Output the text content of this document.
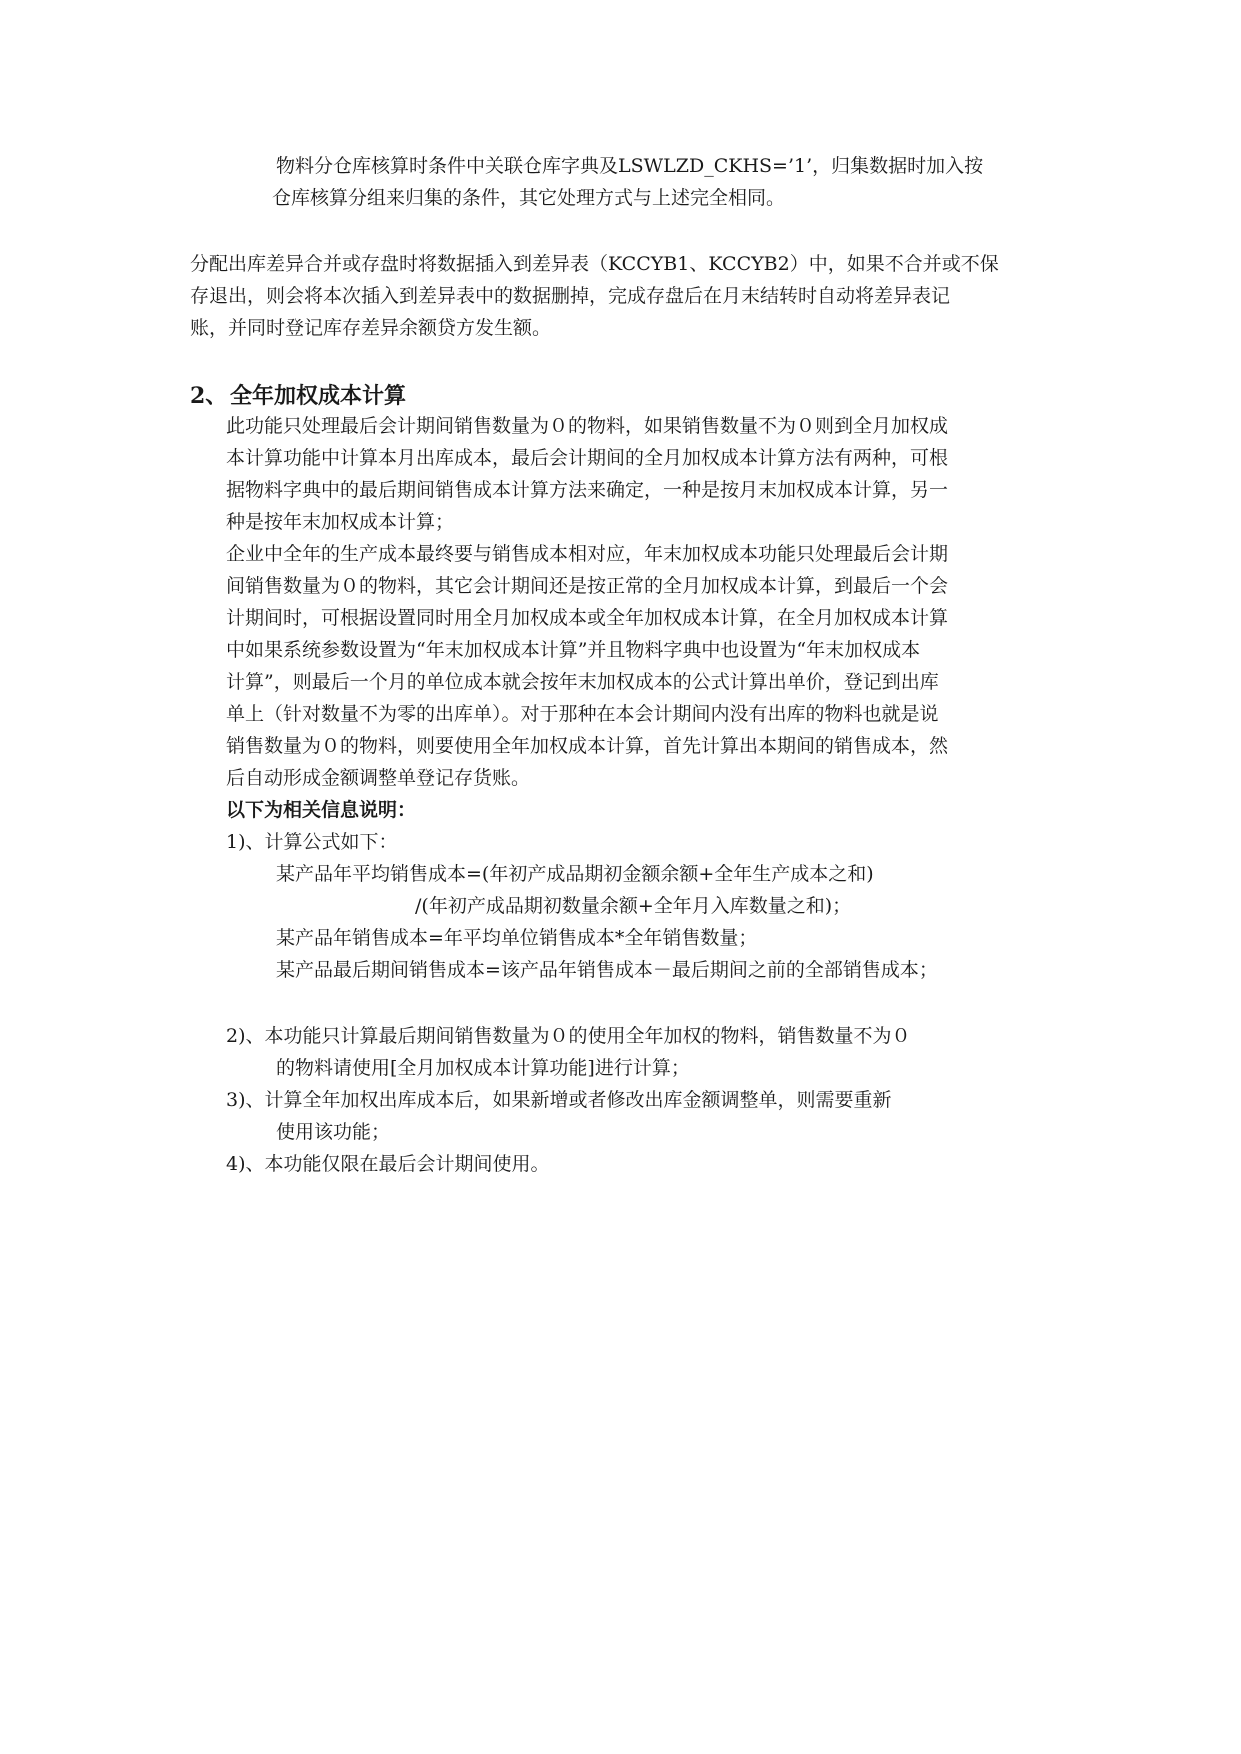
物料分仓库核算时条件中关联仓库字典及LSWLZD_CKHS=’1’，归集数据时加入按
仓库核算分组来归集的条件，其它处理方式与上述完全相同。
分配出库差异合并或存盘时将数据插入到差异表（KCCYB1、KCCYB2）中，如果不合并或不保
存退出，则会将本次插入到差异表中的数据删掉，完成存盘后在月末结转时自动将差异表记
账，并同时登记库存差异余额贷方发生额。
2、 全年加权成本计算
此功能只处理最后会计期间销售数量为０的物料，如果销售数量不为０则到全月加权成
本计算功能中计算本月出库成本，最后会计期间的全月加权成本计算方法有两种，可根
据物料字典中的最后期间销售成本计算方法来确定，一种是按月末加权成本计算，另一
种是按年末加权成本计算；
企业中全年的生产成本最终要与销售成本相对应，年末加权成本功能只处理最后会计期
间销售数量为０的物料，其它会计期间还是按正常的全月加权成本计算，到最后一个会
计期间时，可根据设置同时用全月加权成本或全年加权成本计算，在全月加权成本计算
中如果系统参数设置为“年末加权成本计算”并且物料字典中也设置为“年末加权成本
计算”，则最后一个月的单位成本就会按年末加权成本的公式计算出单价，登记到出库
单上（针对数量不为零的出库单）。对于那种在本会计期间内没有出库的物料也就是说
销售数量为０的物料，则要使用全年加权成本计算，首先计算出本期间的销售成本，然
后自动形成金额调整单登记存货账。
以下为相关信息说明：
1)、计算公式如下：
某产品年平均销售成本=(年初产成品期初金额余额+全年生产成本之和)
/(年初产成品期初数量余额+全年月入库数量之和)；
某产品年销售成本=年平均单位销售成本*全年销售数量；
某产品最后期间销售成本=该产品年销售成本－最后期间之前的全部销售成本；
2)、本功能只计算最后期间销售数量为０的使用全年加权的物料，销售数量不为０
的物料请使用[全月加权成本计算功能]进行计算；
3)、计算全年加权出库成本后，如果新增或者修改出库金额调整单，则需要重新
使用该功能；
4)、本功能仅限在最后会计期间使用。
